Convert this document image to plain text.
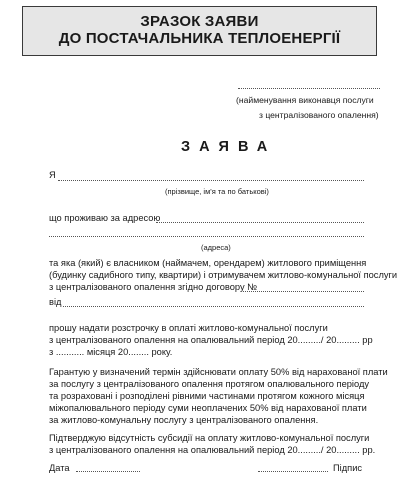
ЗРАЗОК ЗАЯВИ
ДО ПОСТАЧАЛЬНИКА ТЕПЛОЕНЕРГІЇ
(найменування виконавця послуги
з централізованого опалення)
ЗАЯВА
Я
(прізвище, ім'я та по батькові)
що проживаю за адресою
(адреса)
та яка (який) є власником (наймачем, орендарем) житлового приміщення
(будинку садибного типу, квартири) і отримувачем житлово-комунальної послуги
з централізованого опалення згідно договору №
від
прошу надати розстрочку в оплаті житлово-комунальної послуги
з централізованого опалення на опалювальний період 20........./ 20......... рр
з ........... місяця 20........ року.
Гарантую у визначений термін здійснювати оплату 50% від нарахованої плати
за послугу з централізованого опалення протягом опалювального періоду
та розраховані і розподілені рівними частинами протягом кожного місяця
міжопалювального періоду суми неоплачених 50% від нарахованої плати
за житлово-комунальну послугу з централізованого опалення.
Підтверджую відсутність субсидії на оплату житлово-комунальної послуги
з централізованого опалення на опалювальний період 20........./ 20......... рр.
Дата	Підпис
